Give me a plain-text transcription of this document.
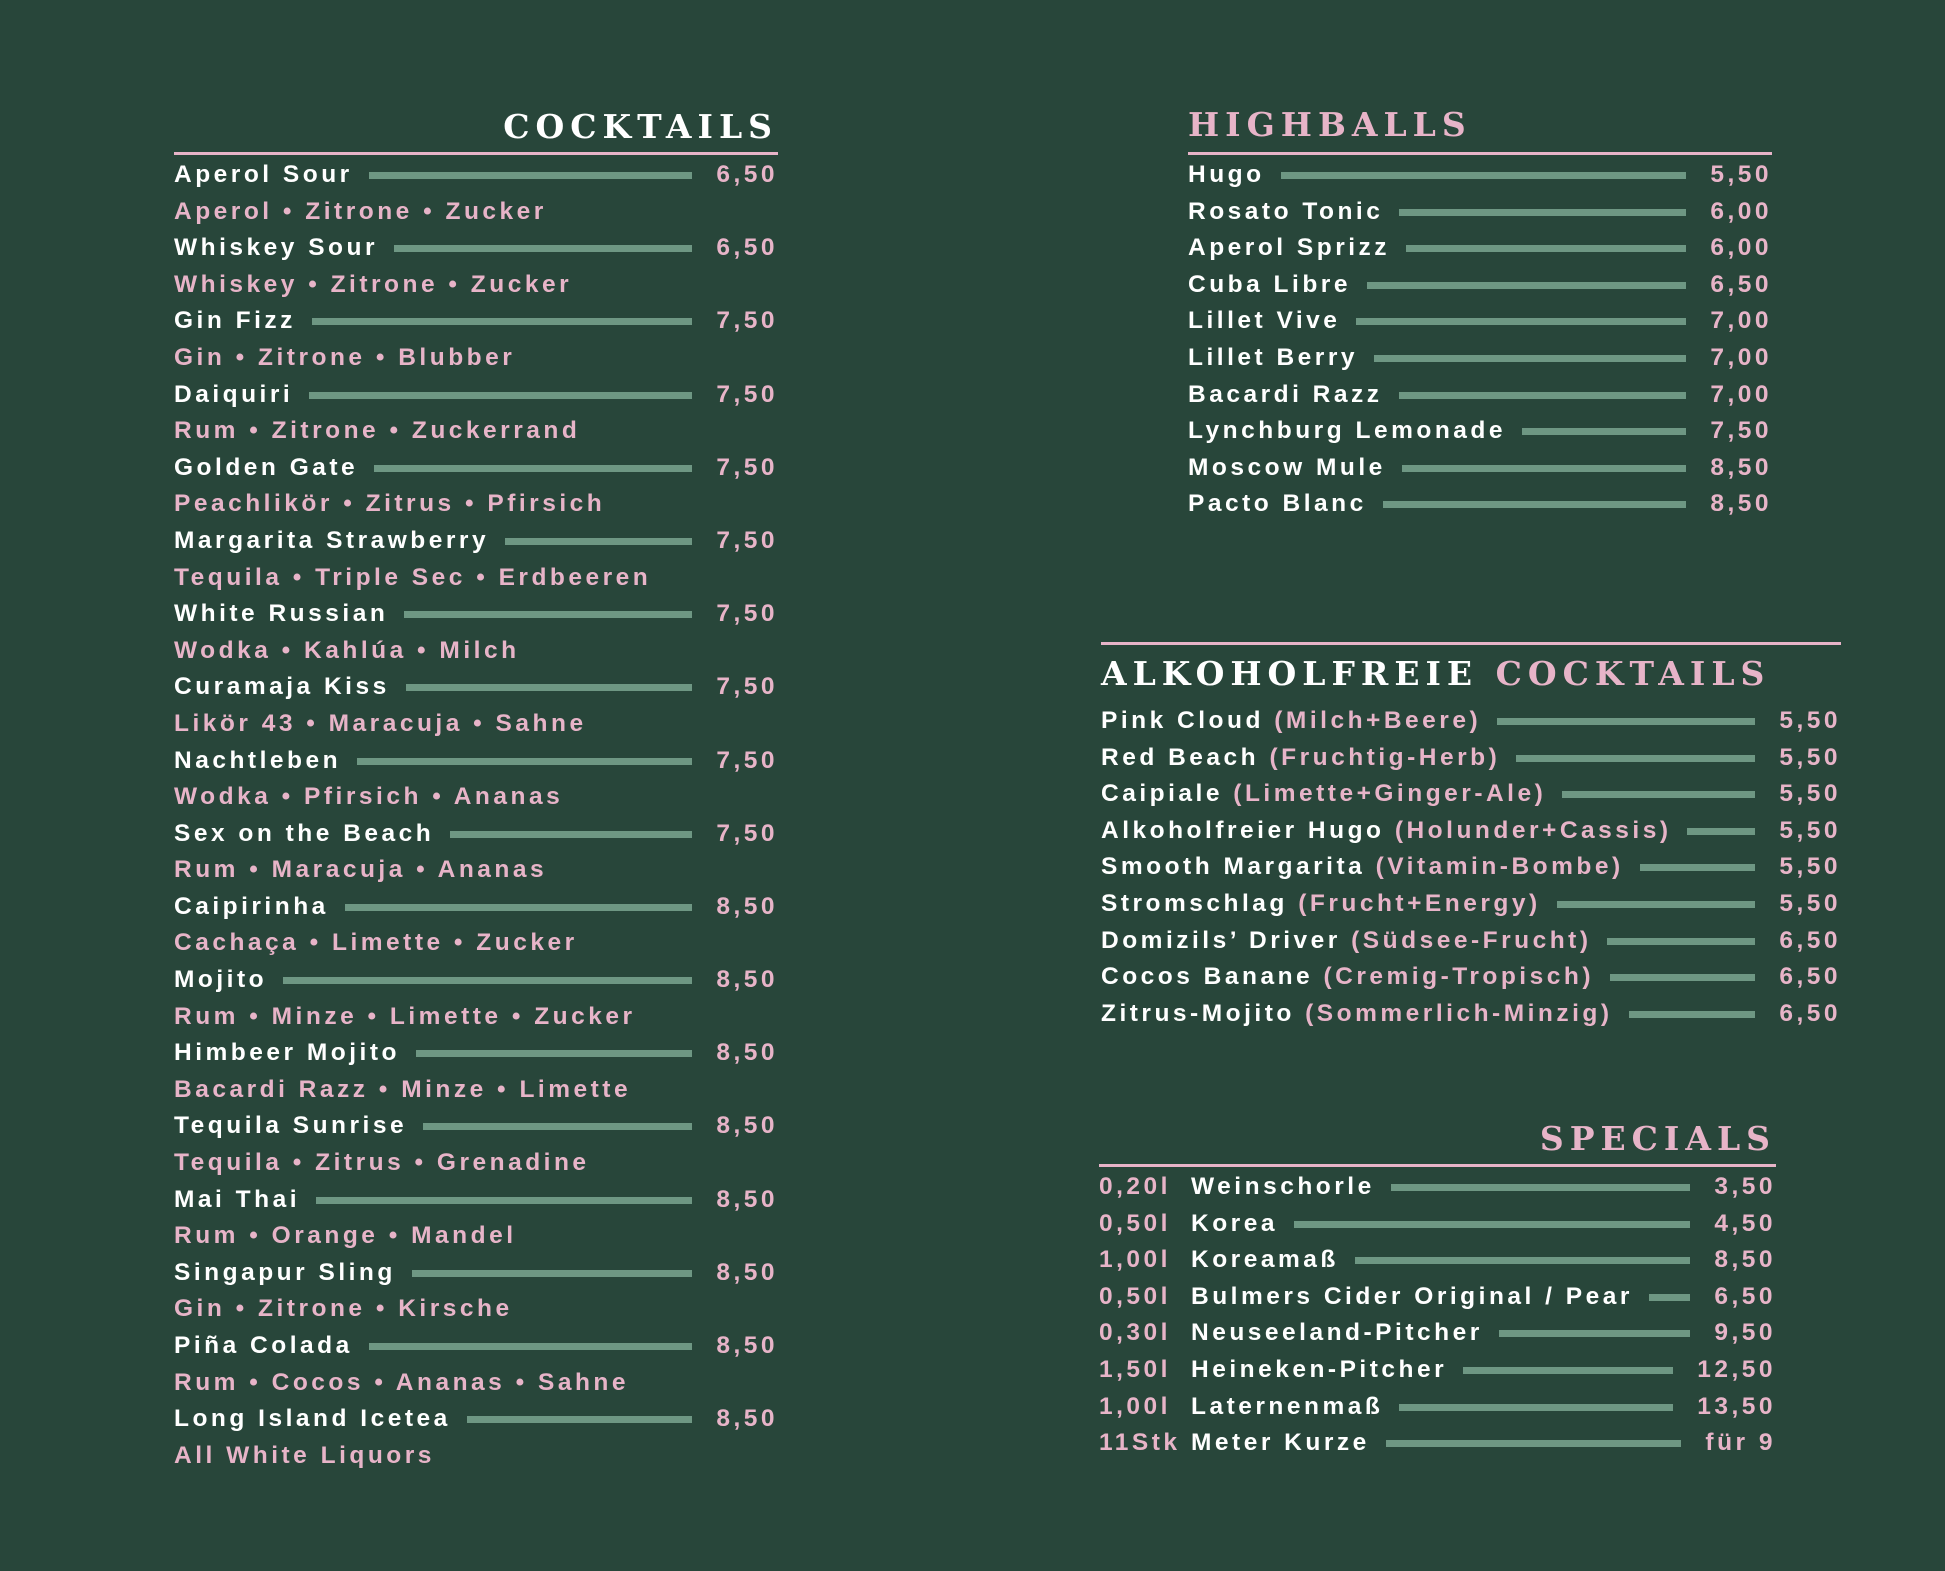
COCKTAILS
Aperol Sour	6,50
Aperol • Zitrone • Zucker
Whiskey Sour	6,50
Whiskey • Zitrone • Zucker
Gin Fizz	7,50
Gin • Zitrone • Blubber
Daiquiri	7,50
Rum • Zitrone • Zuckerrand
Golden Gate	7,50
Peachlikör • Zitrus • Pfirsich
Margarita Strawberry	7,50
Tequila • Triple Sec • Erdbeeren
White Russian	7,50
Wodka • Kahlúa • Milch
Curamaja Kiss	7,50
Likör 43 • Maracuja • Sahne
Nachtleben	7,50
Wodka • Pfirsich • Ananas
Sex on the Beach	7,50
Rum • Maracuja • Ananas
Caipirinha	8,50
Cachaça • Limette • Zucker
Mojito	8,50
Rum • Minze • Limette • Zucker
Himbeer Mojito	8,50
Bacardi Razz • Minze • Limette
Tequila Sunrise	8,50
Tequila • Zitrus • Grenadine
Mai Thai	8,50
Rum • Orange • Mandel
Singapur Sling	8,50
Gin • Zitrone • Kirsche
Piña Colada	8,50
Rum • Cocos • Ananas • Sahne
Long Island Icetea	8,50
All White Liquors
HIGHBALLS
Hugo	5,50
Rosato Tonic	6,00
Aperol Sprizz	6,00
Cuba Libre	6,50
Lillet Vive	7,00
Lillet Berry	7,00
Bacardi Razz	7,00
Lynchburg Lemonade	7,50
Moscow Mule	8,50
Pacto Blanc	8,50
ALKOHOLFREIE COCKTAILS
Pink Cloud (Milch+Beere)	5,50
Red Beach (Fruchtig-Herb)	5,50
Caipiale (Limette+Ginger-Ale)	5,50
Alkoholfreier Hugo (Holunder+Cassis)	5,50
Smooth Margarita (Vitamin-Bombe)	5,50
Stromschlag (Frucht+Energy)	5,50
Domizils’ Driver (Südsee-Frucht)	6,50
Cocos Banane (Cremig-Tropisch)	6,50
Zitrus-Mojito (Sommerlich-Minzig)	6,50
SPECIALS
0,20l Weinschorle	3,50
0,50l Korea	4,50
1,00l Koreamaß	8,50
0,50l Bulmers Cider Original / Pear	6,50
0,30l Neuseeland-Pitcher	9,50
1,50l Heineken-Pitcher	12,50
1,00l Laternenmaß	13,50
11Stk Meter Kurze	für 9
